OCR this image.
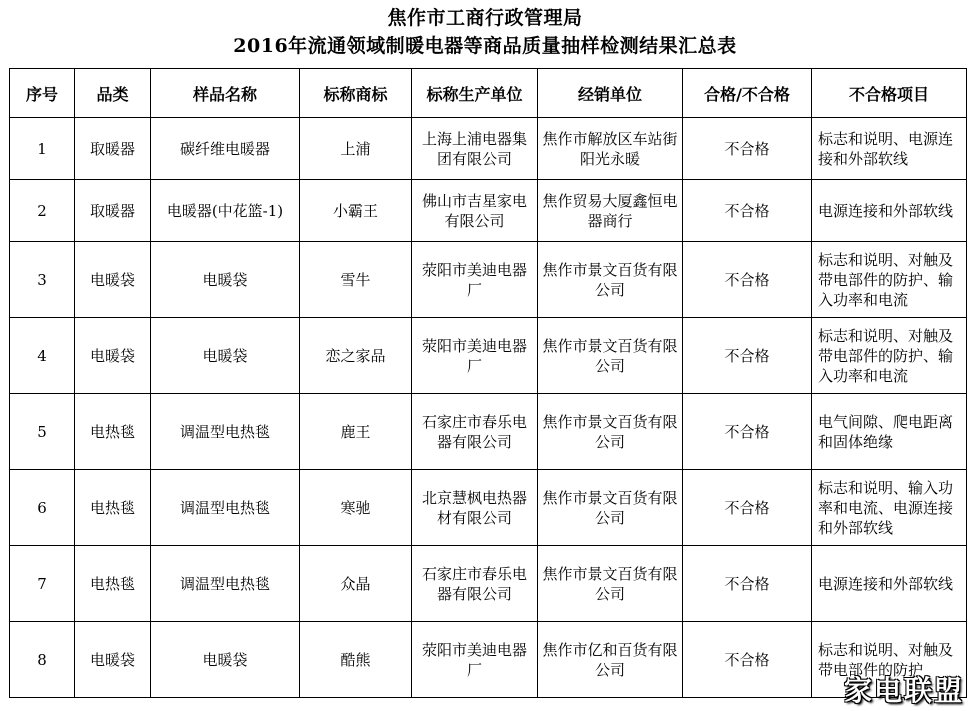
焦作市工商行政管理局
2016年流通领域制暖电器等商品质量抽样检测结果汇总表
序号	品类	样品名称	标称商标	标称生产单位	经销单位	合格/不合格	不合格项目
1	取暖器	碳纤维电暖器	上浦	上海上浦电器集团有限公司	焦作市解放区车站街阳光永暖	不合格	标志和说明、电源连接和外部软线
2	取暖器	电暖器(中花篮-1)	小霸王	佛山市吉星家电有限公司	焦作贸易大厦鑫恒电器商行	不合格	电源连接和外部软线
3	电暖袋	电暖袋	雪牛	荥阳市美迪电器厂	焦作市景文百货有限公司	不合格	标志和说明、对触及带电部件的防护、输入功率和电流
4	电暖袋	电暖袋	恋之家品	荥阳市美迪电器厂	焦作市景文百货有限公司	不合格	标志和说明、对触及带电部件的防护、输入功率和电流
5	电热毯	调温型电热毯	鹿王	石家庄市春乐电器有限公司	焦作市景文百货有限公司	不合格	电气间隙、爬电距离和固体绝缘
6	电热毯	调温型电热毯	寒驰	北京慧枫电热器材有限公司	焦作市景文百货有限公司	不合格	标志和说明、输入功率和电流、电源连接和外部软线
7	电热毯	调温型电热毯	众晶	石家庄市春乐电器有限公司	焦作市景文百货有限公司	不合格	电源连接和外部软线
8	电暖袋	电暖袋	酷熊	荥阳市美迪电器厂	焦作市亿和百货有限公司	不合格	标志和说明、对触及带电部件的防护
家电联盟
